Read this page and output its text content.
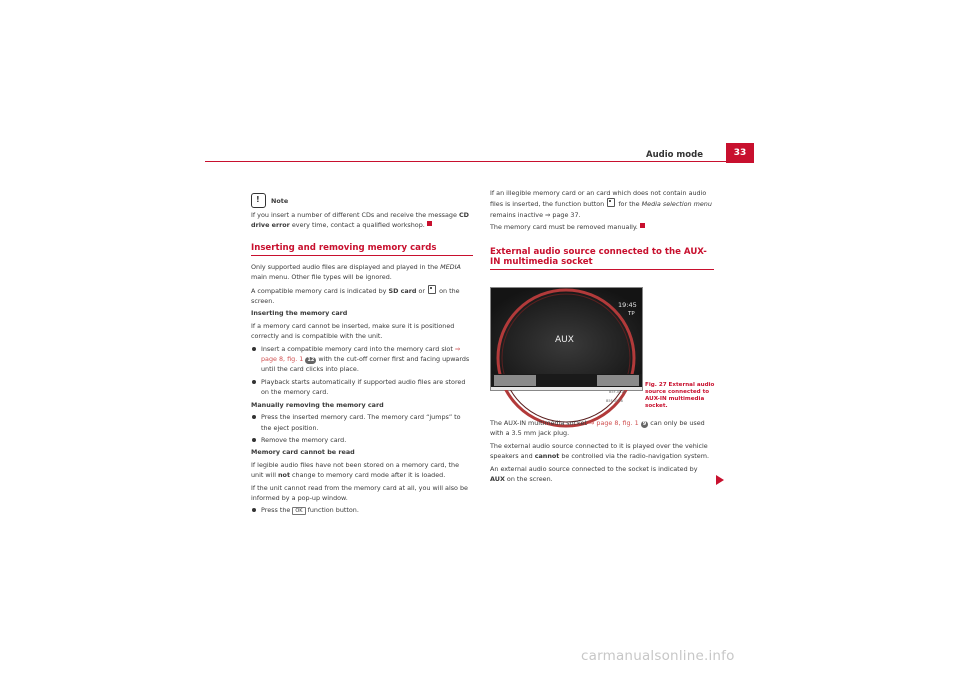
Audio mode	33
! Note

If you insert a number of different CDs and receive the message CD drive error every time, contact a qualified workshop.

Inserting and removing memory cards

Only supported audio files are displayed and played in the MEDIA main menu. Other file types will be ignored.

A compatible memory card is indicated by SD card or  on the screen.

Inserting the memory card

If a memory card cannot be inserted, make sure it is positioned correctly and is compatible with the unit.

Insert a compatible memory card into the memory card slot ⇒ page 8, fig. 1 12 with the cut-off corner first and facing upwards until the card clicks into place.

Playback starts automatically if supported audio files are stored on the memory card.

Manually removing the memory card

Press the inserted memory card. The memory card “jumps” to the eject position.

Remove the memory card.

Memory card cannot be read

If legible audio files have not been stored on a memory card, the unit will not change to memory card mode after it is loaded.

If the unit cannot read from the memory card at all, you will also be informed by a pop-up window.

Press the OK function button.

If an illegible memory card or an card which does not contain audio files is inserted, the function button  for the Media selection menu remains inactive ⇒ page 37.

The memory card must be removed manually.

External audio source connected to the AUX-IN multimedia socket
19:45
TP
AUX
B5F-0528
B5F-0528
Fig. 27 External audio source connected to AUX-IN multimedia socket.

The AUX-IN multimedia socket ⇒ page 8, fig. 1 9 can only be used with a 3.5 mm jack plug.

The external audio source connected to it is played over the vehicle speakers and cannot be controlled via the radio-navigation system.

An external audio source connected to the socket is indicated by AUX on the screen.

carmanualsonline.info
